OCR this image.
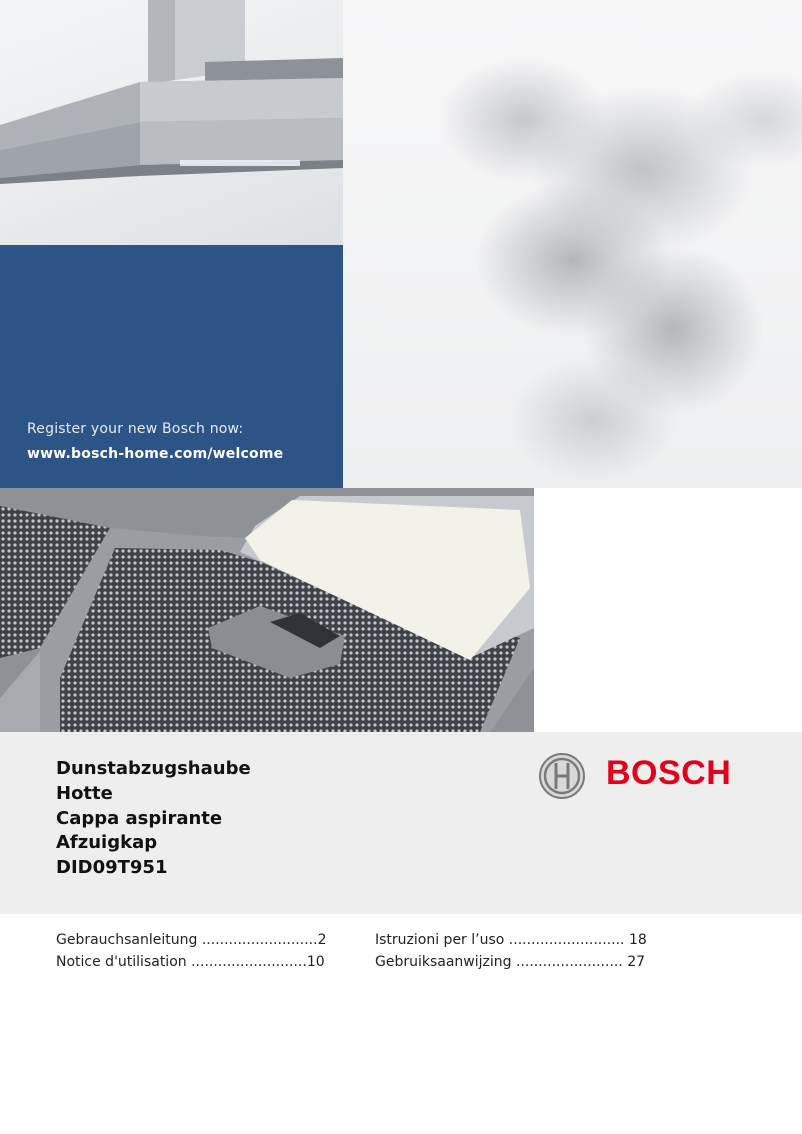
Register your new Bosch now:
www.bosch-home.com/welcome
Dunstabzugshaube
Hotte
Cappa aspirante
Afzuigkap
DID09T951
BOSCH
Gebrauchsanleitung ..........................2
Notice d'utilisation ..........................10
Istruzioni per l’uso .......................... 18
Gebruiksaanwijzing ........................ 27
